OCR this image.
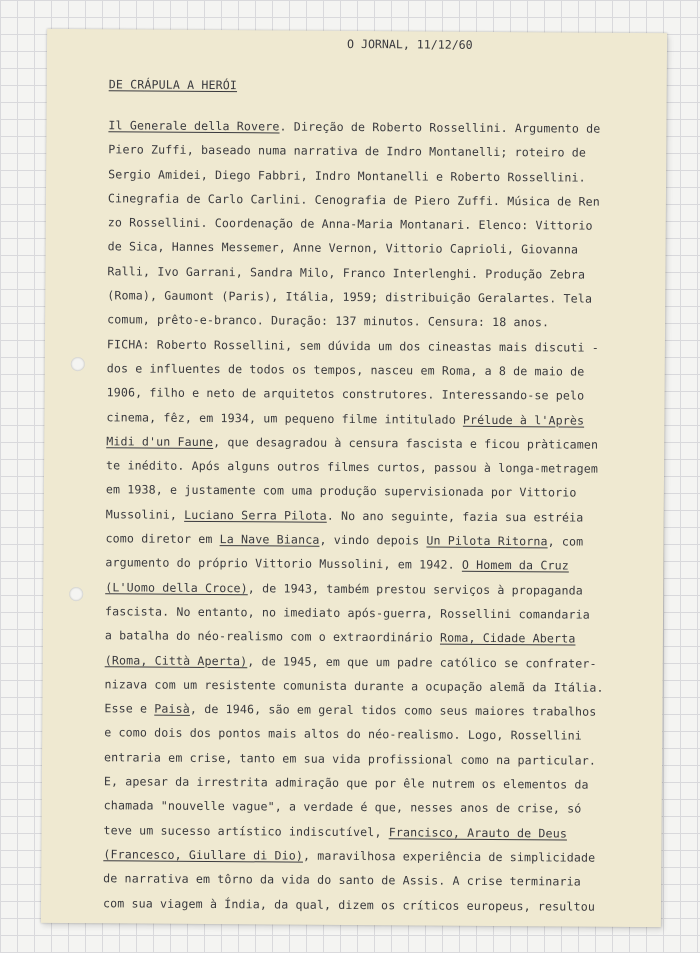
O JORNAL, 11/12/60
DE CRÁPULA A HERÓI
Il Generale della Rovere. Direção de Roberto Rossellini. Argumento de
Piero Zuffi, baseado numa narrativa de Indro Montanelli; roteiro de
Sergio Amidei, Diego Fabbri, Indro Montanelli e Roberto Rossellini.
Cinegrafia de Carlo Carlini. Cenografia de Piero Zuffi. Música de Ren
zo Rossellini. Coordenação de Anna-Maria Montanari. Elenco: Vittorio
de Sica, Hannes Messemer, Anne Vernon, Vittorio Caprioli, Giovanna
Ralli, Ivo Garrani, Sandra Milo, Franco Interlenghi. Produção Zebra
(Roma), Gaumont (Paris), Itália, 1959; distribuição Geralartes. Tela
comum, prêto-e-branco. Duração: 137 minutos. Censura: 18 anos.
FICHA: Roberto Rossellini, sem dúvida um dos cineastas mais discuti -
dos e influentes de todos os tempos, nasceu em Roma, a 8 de maio de
1906, filho e neto de arquitetos construtores. Interessando-se pelo
cinema, fêz, em 1934, um pequeno filme intitulado Prélude à l'Après
Midi d'un Faune, que desagradou à censura fascista e ficou pràticamen
te inédito. Após alguns outros filmes curtos, passou à longa-metragem
em 1938, e justamente com uma produção supervisionada por Vittorio
Mussolini, Luciano Serra Pilota. No ano seguinte, fazia sua estréia
como diretor em La Nave Bianca, vindo depois Un Pilota Ritorna, com
argumento do próprio Vittorio Mussolini, em 1942. O Homem da Cruz
(L'Uomo della Croce), de 1943, também prestou serviços à propaganda
fascista. No entanto, no imediato após-guerra, Rossellini comandaria
a batalha do néo-realismo com o extraordinário Roma, Cidade Aberta
(Roma, Città Aperta), de 1945, em que um padre católico se confrater-
nizava com um resistente comunista durante a ocupação alemã da Itália.
Esse e Paisà, de 1946, são em geral tidos como seus maiores trabalhos
e como dois dos pontos mais altos do néo-realismo. Logo, Rossellini
entraria em crise, tanto em sua vida profissional como na particular.
E, apesar da irrestrita admiração que por êle nutrem os elementos da
chamada "nouvelle vague", a verdade é que, nesses anos de crise, só
teve um sucesso artístico indiscutível, Francisco, Arauto de Deus
(Francesco, Giullare di Dio), maravilhosa experiência de simplicidade
de narrativa em tôrno da vida do santo de Assis. A crise terminaria
com sua viagem à Índia, da qual, dizem os críticos europeus, resultou
